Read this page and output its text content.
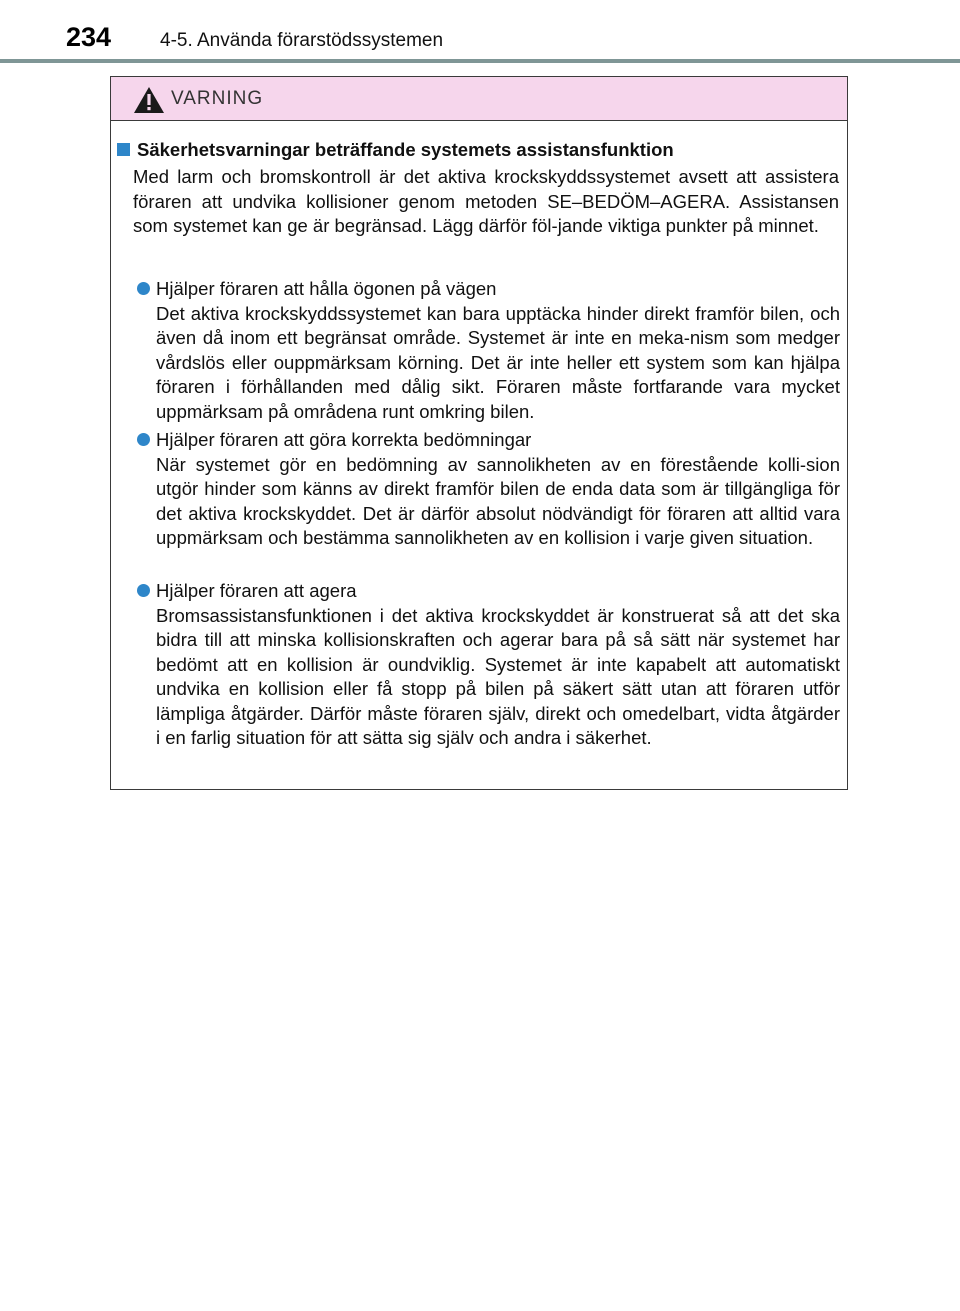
234	4-5. Använda förarstödssystemen
VARNING
Säkerhetsvarningar beträffande systemets assistansfunktion

Med larm och bromskontroll är det aktiva krockskyddssystemet avsett att assistera föraren att undvika kollisioner genom metoden SE–BEDÖM–AGERA. Assistansen som systemet kan ge är begränsad. Lägg därför föl-jande viktiga punkter på minnet.

Hjälper föraren att hålla ögonen på vägen

Det aktiva krockskyddssystemet kan bara upptäcka hinder direkt framför bilen, och även då inom ett begränsat område. Systemet är inte en meka-nism som medger vårdslös eller ouppmärksam körning. Det är inte heller ett system som kan hjälpa föraren i förhållanden med dålig sikt. Föraren måste fortfarande vara mycket uppmärksam på områdena runt omkring bilen.

Hjälper föraren att göra korrekta bedömningar

När systemet gör en bedömning av sannolikheten av en förestående kolli-sion utgör hinder som känns av direkt framför bilen de enda data som är tillgängliga för det aktiva krockskyddet. Det är därför absolut nödvändigt för föraren att alltid vara uppmärksam och bestämma sannolikheten av en kollision i varje given situation.

Hjälper föraren att agera

Bromsassistansfunktionen i det aktiva krockskyddet är konstruerat så att det ska bidra till att minska kollisionskraften och agerar bara på så sätt när systemet har bedömt att en kollision är oundviklig. Systemet är inte kapabelt att automatiskt undvika en kollision eller få stopp på bilen på säkert sätt utan att föraren utför lämpliga åtgärder. Därför måste föraren själv, direkt och omedelbart, vidta åtgärder i en farlig situation för att sätta sig själv och andra i säkerhet.
